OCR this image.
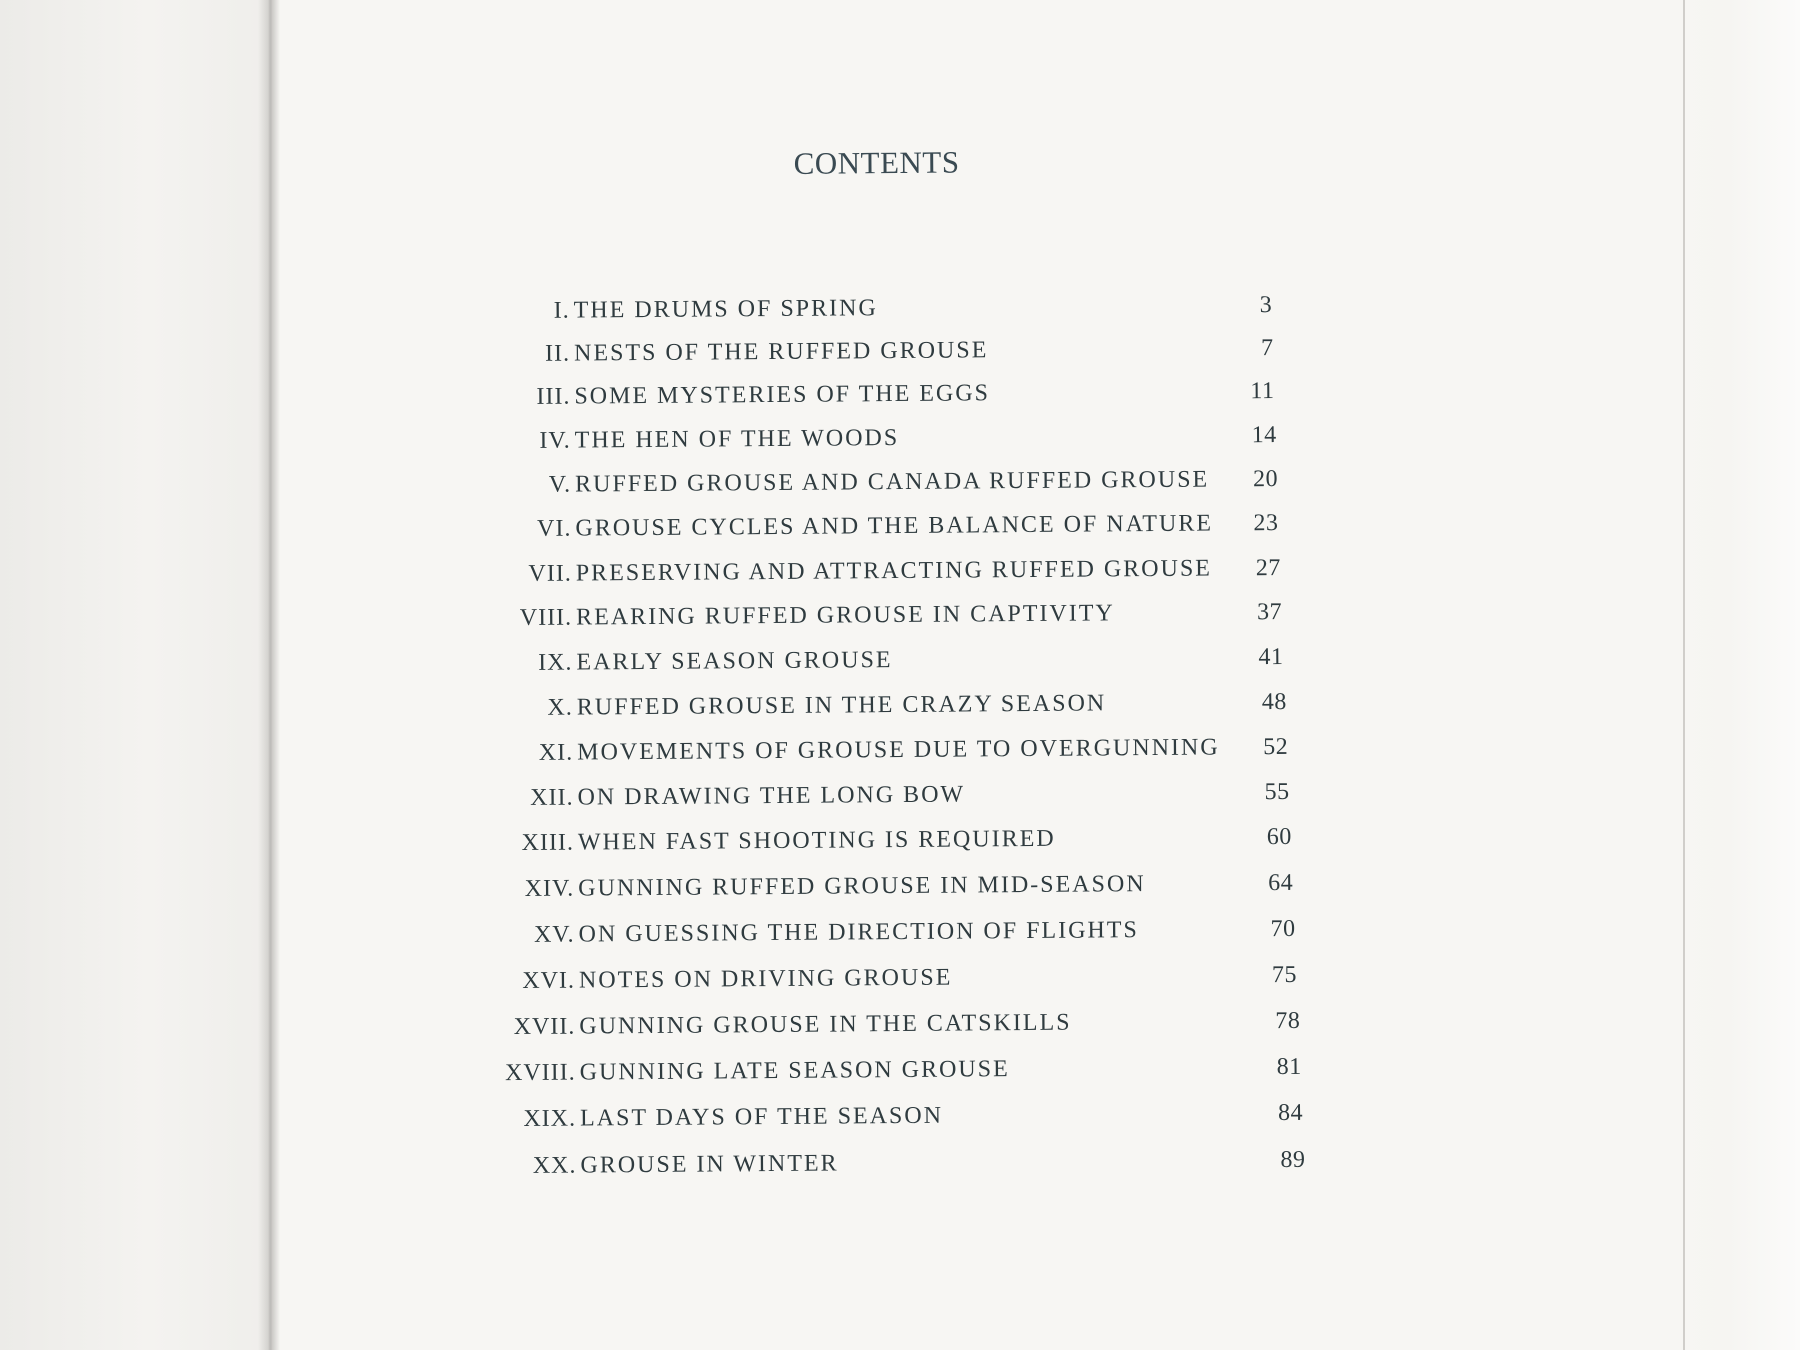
CONTENTS
I. THE DRUMS OF SPRING	3
II. NESTS OF THE RUFFED GROUSE	7
III. SOME MYSTERIES OF THE EGGS	11
IV. THE HEN OF THE WOODS	14
V. RUFFED GROUSE AND CANADA RUFFED GROUSE 20
VI. GROUSE CYCLES AND THE BALANCE OF NATURE 23
VII. PRESERVING AND ATTRACTING RUFFED GROUSE 27
VIII. REARING RUFFED GROUSE IN CAPTIVITY	37
IX. EARLY SEASON GROUSE	41
X. RUFFED GROUSE IN THE CRAZY SEASON	48
XI. MOVEMENTS OF GROUSE DUE TO OVERGUNNING 52
XII. ON DRAWING THE LONG BOW	55
XIII. WHEN FAST SHOOTING IS REQUIRED	60
XIV. GUNNING RUFFED GROUSE IN MID-SEASON	64
XV. ON GUESSING THE DIRECTION OF FLIGHTS	70
XVI. NOTES ON DRIVING GROUSE	75
XVII. GUNNING GROUSE IN THE CATSKILLS	78
XVIII. GUNNING LATE SEASON GROUSE	81
XIX. LAST DAYS OF THE SEASON	84
XX. GROUSE IN WINTER	89
